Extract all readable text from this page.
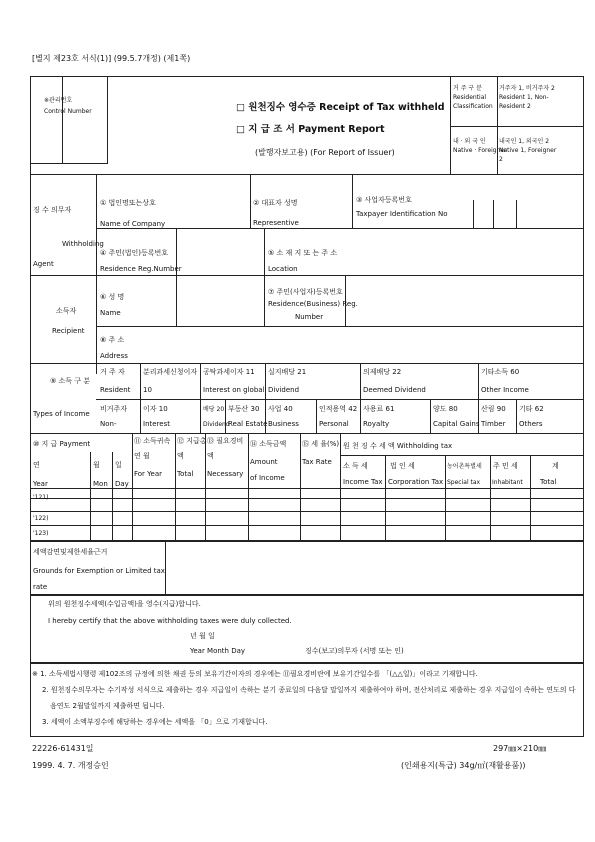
[별지 제23호 서식(1)] (99.5.7개정) (제1쪽)
※관리번호
Control Number	□ 원천징수 영수증 Receipt of Tax withheld
□ 지 급 조 서 Payment Report
(발행자보고용) (For Report of Issuer)
거 주 구 분
Residential
Classification
거주자 1, 비거주자 2
Resident 1, Non-
Resident 2
내 · 외 국 인
Native · Foreigner
내국인 1, 외국인 2
Native 1, Foreigner
2
징 수 의무자
Withholding
Agent
① 법인명또는상호
Name of Company
② 대표자 성명
Representive
③ 사업자등록번호
Taxpayer Identification No
④ 주민(법인)등록번호
Residence Reg.Number
⑤ 소 재 지 또 는 주 소
Location
소득자
Recipient
⑥ 성 명
Name
⑦ 주민(사업자)등록번호
Residence(Business) Reg.
Number
⑧ 주 소
Address
⑨ 소득 구 분
Types of Income
거 주 자
Resident
분리과세신청이자
10
공탁과세이자 11
Interest on global
실지배당 21
Dividend
의제배당 22
Deemed Dividend
기타소득 60
Other Income
비거주자
Non-
이자 10
Interest
배당 20
Dividend
부동산 30
Real Estate
사업 40
Business
인적용역 42
Personal
사용료 61
Royalty
양도 80
Capital Gains
산림 90
Timber
기타 62
Others
⑩ 지 급 Payment
연
Year
월
Mon
일
Day
⑪ 소득귀속
연 월
For Year
⑫ 지급총
액
Total
⑬ 필요경비
액
Necessary
⑭ 소득금액
Amount
of Income
⑮ 세 율(%)
Tax Rate
원 천 징 수 세 액 Withholding tax
소 득 세
Income Tax
법 인 세
Corporation Tax
농어촌특별세
Special tax
주 민 세
Inhabitant
계
Total
'121)
'122)
'123)
세액감면및제한세율근거
Grounds for Exemption or Limited tax
rate
위의 원천징수세액(수입금액)을 영수(지급)합니다.
I hereby certify that the above withholding taxes were duly collected.
년 월 일
Year Month Day	징수(보고)의무자 (서명 또는 인)
※ 1. 소득세법시행령 제102조의 규정에 의한 채권 등의 보유기간이자의 경우에는 ⑪필요경비란에 보유기간일수를 「(△△일)」이라고 기재합니다.
2. 원천징수의무자는 수기작성 서식으로 제출하는 경우 지급일이 속하는 분기 종료일의 다음달 말일까지 제출하여야 하며, 전산처리로 제출하는 경우 지급일이 속하는 연도의 다
음연도 2월말일까지 제출하면 됩니다.
3. 세액이 소액부징수에 해당하는 경우에는 세액을 「0」으로 기재합니다.
22226-61431일
1999. 4. 7. 개정승인
297㎜×210㎜
(인쇄용지(특급) 34g/㎡(재활용품))
